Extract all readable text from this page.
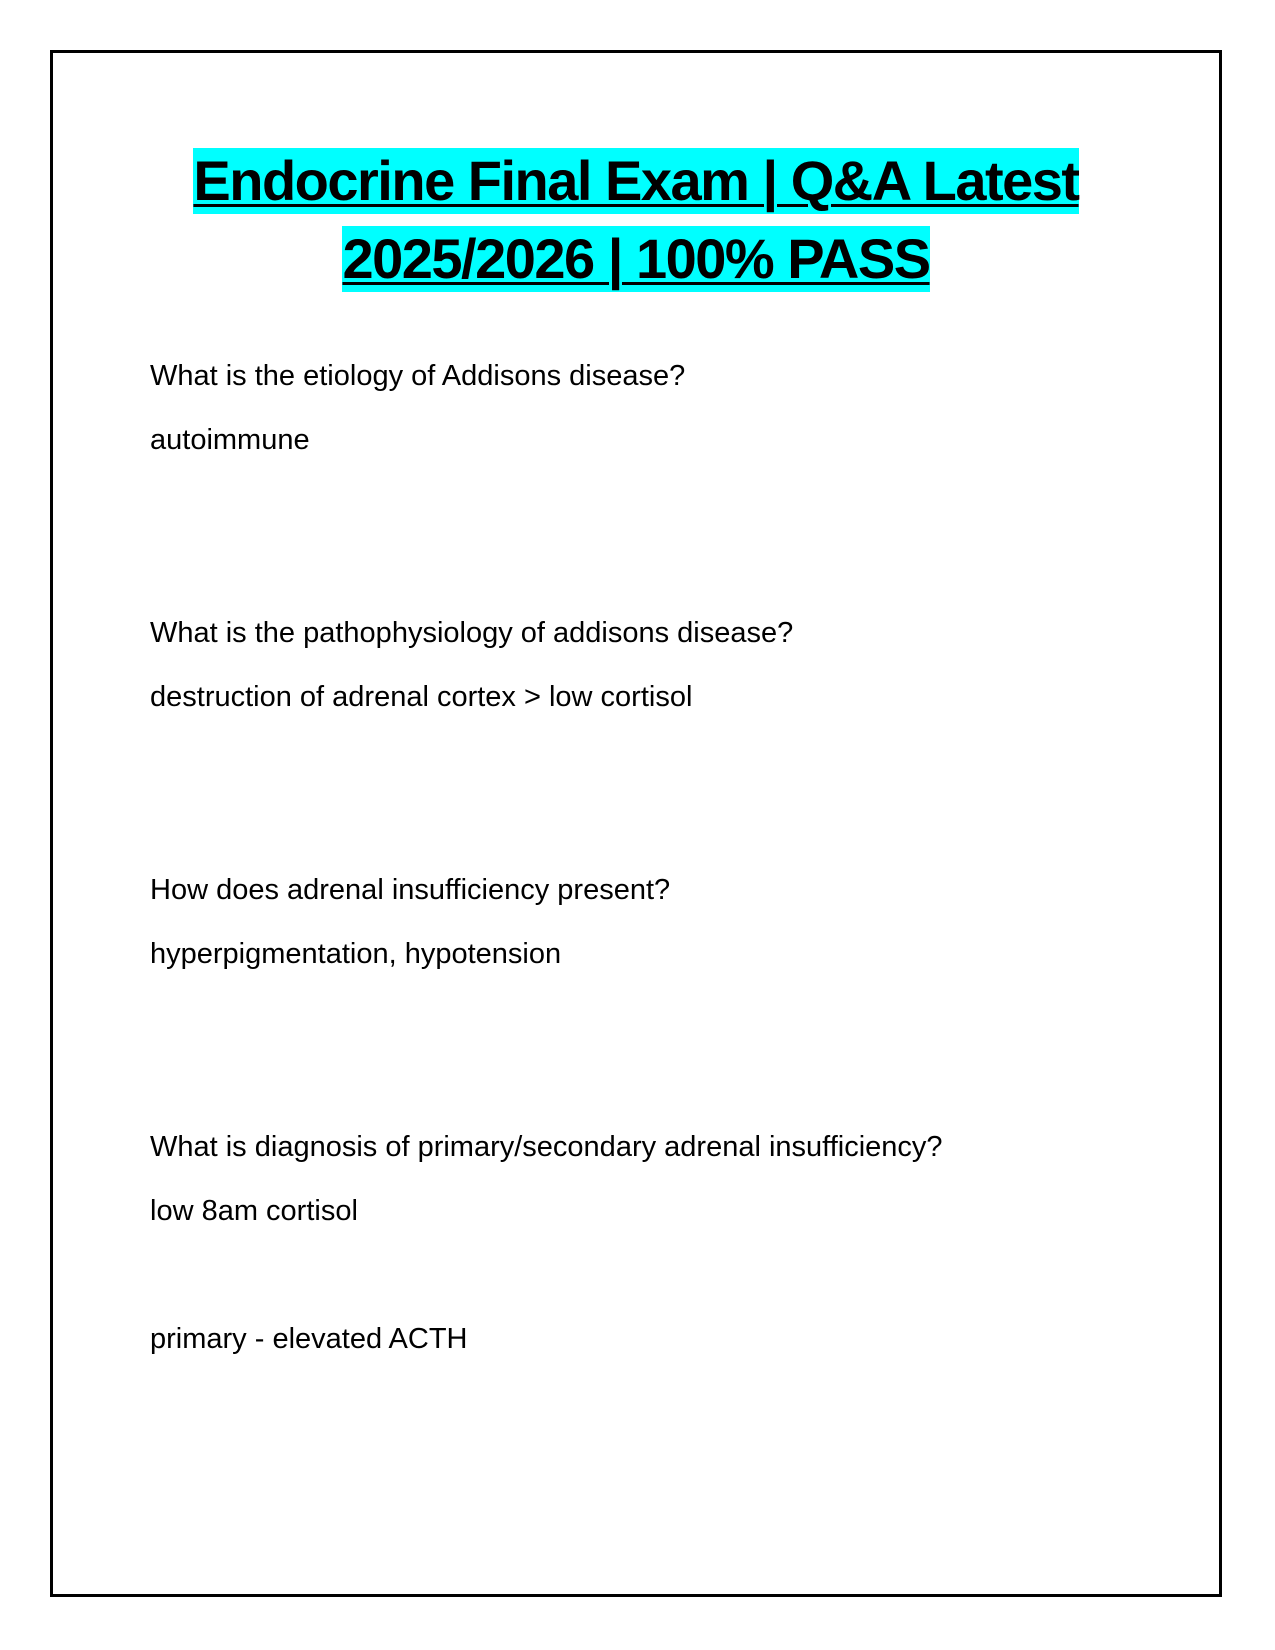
Endocrine Final Exam | Q&A Latest
2025/2026 | 100% PASS
What is the etiology of Addisons disease?
autoimmune
What is the pathophysiology of addisons disease?
destruction of adrenal cortex > low cortisol
How does adrenal insufficiency present?
hyperpigmentation, hypotension
What is diagnosis of primary/secondary adrenal insufficiency?
low 8am cortisol
primary - elevated ACTH
